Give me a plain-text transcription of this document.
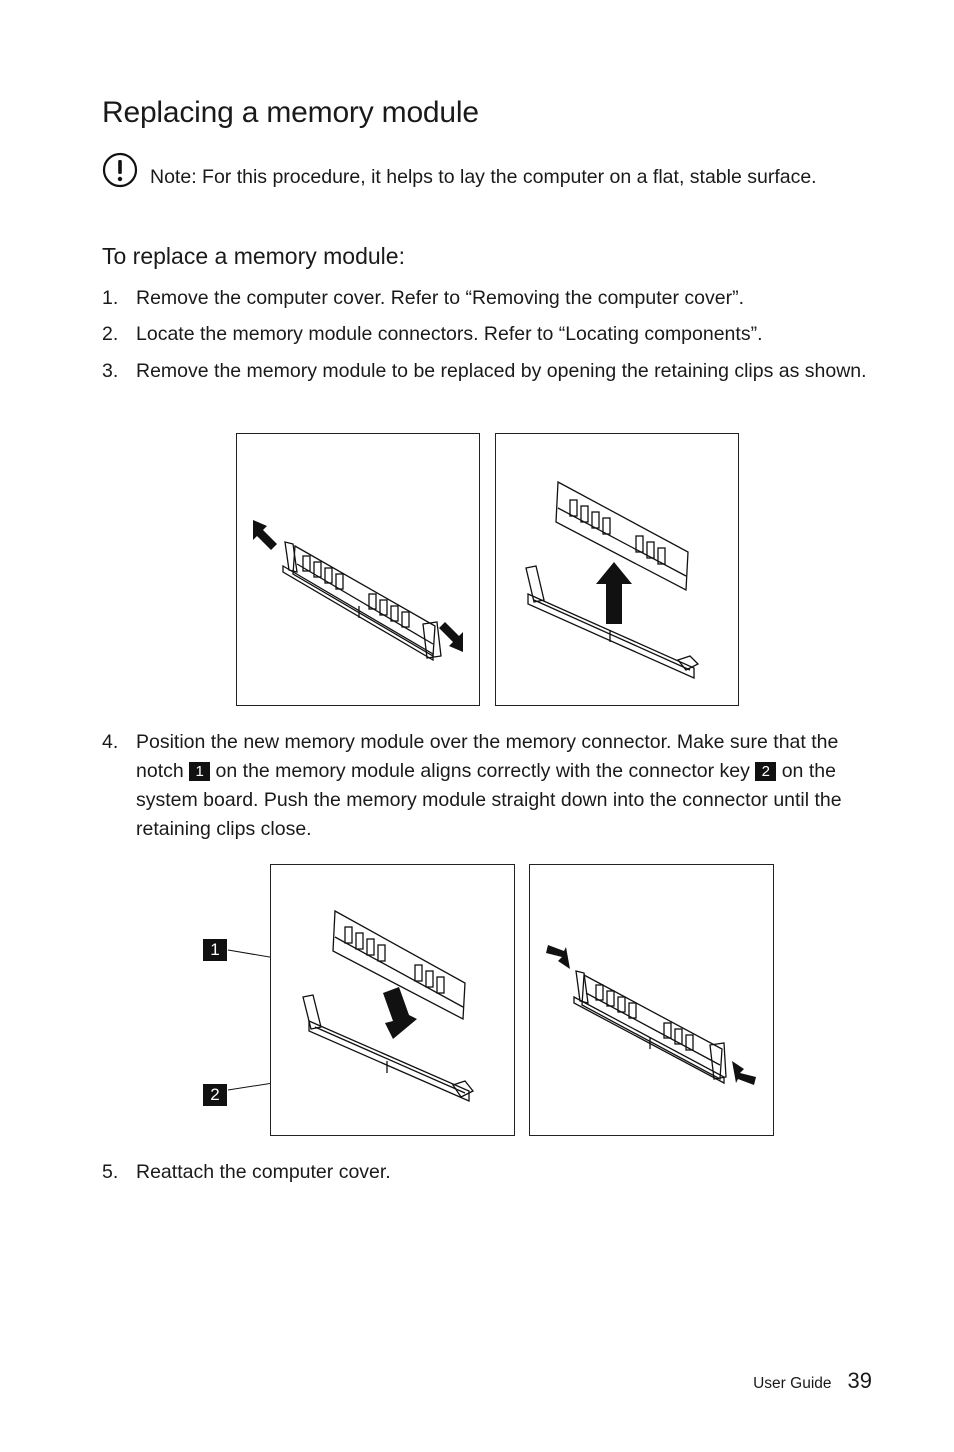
Replacing a memory module

Note: For this procedure, it helps to lay the computer on a flat, stable surface.

To replace a memory module:
1. Remove the computer cover. Refer to “Removing the computer cover”.
2. Locate the memory module connectors. Refer to “Locating components”.
3. Remove the memory module to be replaced by opening the retaining clips as shown.
4. Position the new memory module over the memory connector. Make sure that the notch 1 on the memory module aligns correctly with the connector key 2 on the system board. Push the memory module straight down into the connector until the retaining clips close.
1
2
5. Reattach the computer cover.
User Guide 39
